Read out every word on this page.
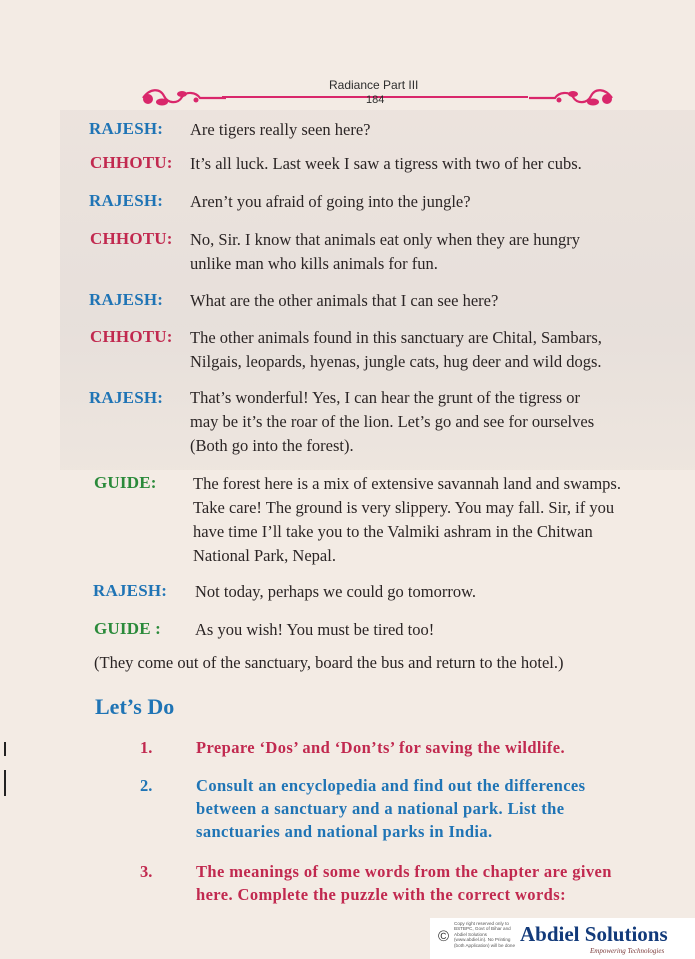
Radiance Part III
184
RAJESH: Are tigers really seen here?
CHHOTU: It’s all luck. Last week I saw a tigress with two of her cubs.
RAJESH: Aren’t you afraid of going into the jungle?
CHHOTU: No, Sir. I know that animals eat only when they are hungry
unlike man who kills animals for fun.
RAJESH: What are the other animals that I can see here?
CHHOTU: The other animals found in this sanctuary are Chital, Sambars,
Nilgais, leopards, hyenas, jungle cats, hug deer and wild dogs.
RAJESH: That’s wonderful! Yes, I can hear the grunt of the tigress or
may be it’s the roar of the lion. Let’s go and see for ourselves
(Both go into the forest).
GUIDE: The forest here is a mix of extensive savannah land and swamps.
Take care! The ground is very slippery. You may fall. Sir, if you
have time I’ll take you to the Valmiki ashram in the Chitwan
National Park, Nepal.
RAJESH: Not today, perhaps we could go tomorrow.
GUIDE : As you wish! You must be tired too!
(They come out of the sanctuary, board the bus and return to the hotel.)
Let’s Do
1.	Prepare ‘Dos’ and ‘Don’ts’ for saving the wildlife.
2.	Consult an encyclopedia and find out the differences
between a sanctuary and a national park. List the
sanctuaries and national parks in India.
3.	The meanings of some words from the chapter are given
here. Complete the puzzle with the correct words:
©
Copy right reserved only to BSTBPC, Govt of Bihar and Abdiel Solutions (www.abdiel.in). No Printing (both Application) will be done Abdiel Solutions
Empowering Technologies
